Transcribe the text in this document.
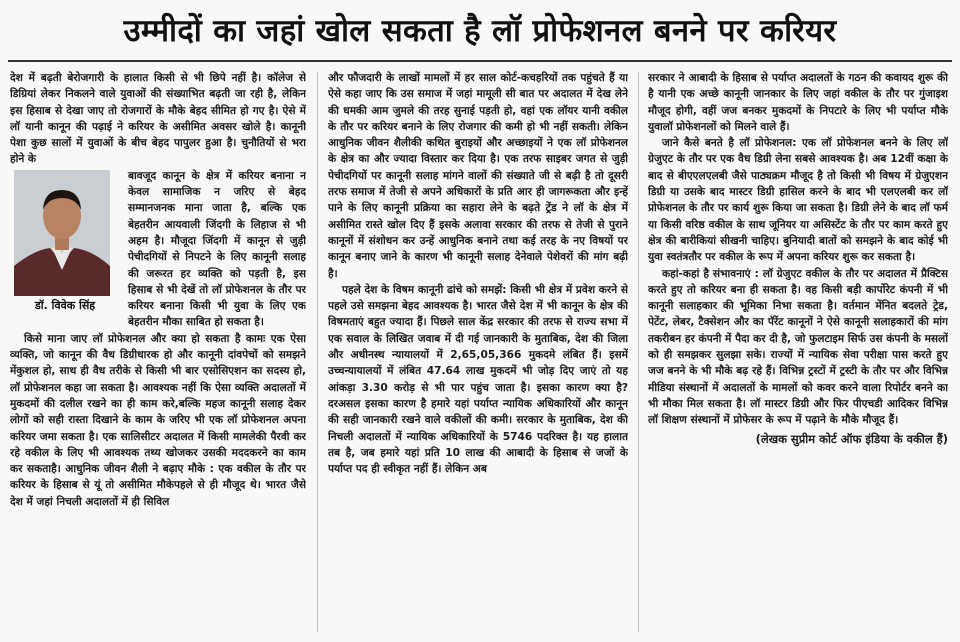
उम्मीदों का जहां खोल सकता है लॉ प्रोफेशनल बनने पर करियर

देश में बढ़ती बेरोजगारी के हालात किसी से भी छिपे नहीं है। कॉलेज से डिग्रियां लेकर निकलने वाले युवाओं की संख्याभित बढ़ती जा रही है, लेकिन इस हिसाब से देखा जाए तो रोजगारों के मौके बेहद सीमित हो गए है। ऐसे में लॉ यानी कानून की पढ़ाई ने करियर के असीमित अवसर खोले है। कानूनी पेशा कुछ सालों में युवाओं के बीच बेहद पापुलर हुआ है। चुनौतियों से भरा होने के

डॉ. विवेक सिंह

बावजूद कानून के क्षेत्र में करियर बनाना न केवल सामाजिक न जरिए से बेहद सम्मानजनक माना जाता है, बल्कि एक बेहतरीन आयवाली जिंदगी के लिहाज से भी अहम है। मौजूदा जिंदगी में कानून से जुड़ी पेचीदगियों से निपटने के लिए कानूनी सलाह की जरूरत हर व्यक्ति को पड़ती है, इस हिसाब से भी देखें तो लॉ प्रोफेशनल के तौर पर करियर बनाना किसी भी युवा के लिए एक बेहतरीन मौका साबित हो सकता है।

किसे माना जाए लॉ प्रोफेशनल और क्या हो सकता है कामः एक ऐसा व्यक्ति, जो कानून की वैध डिग्रीधारक हो और कानूनी दांवपेचों को समझने मेंकुशल हो, साथ ही वैध तरीके से किसी भी बार एसोसिएशन का सदस्य हो, लॉ प्रोफेशनल कहा जा सकता है। आवश्यक नहीं कि ऐसा व्यक्ति अदालतों में मुकदमों की दलील रखने का ही काम करे,बल्कि महज कानूनी सलाह देकर लोगों को सही रास्ता दिखाने के काम के जरिए भी एक लॉ प्रोफेशनल अपना करियर जमा सकता है। एक सालिसीटर अदालत में किसी मामलेकी पैरवी कर रहे वकील के लिए भी आवश्यक तथ्य खोजकर उसकी मददकरने का काम कर सकताहै। आधुनिक जीवन शैली ने बढ़ाए मौके : एक वकील के तौर पर करियर के हिसाब से यूं तो असीमित मौकेपहले से ही मौजूद थे। भारत जैसे देश में जहां निचली अदालतों में ही सिविल

और फौजदारी के लाखों मामलों में हर साल कोर्ट-कचहरियों तक पहुंचते हैं या ऐसे कहा जाए कि उस समाज में जहां मामूली सी बात पर अदालत में देख लेने की धमकी आम जुमले की तरह सुनाई पड़ती हो, वहां एक लॉयर यानी वकील के तौर पर करियर बनाने के लिए रोजगार की कमी हो भी नहीं सकती। लेकिन आधुनिक जीवन शैलीकी कथित बुराइयों और अच्छाइयों ने एक लॉ प्रोफेशनल के क्षेत्र का और ज्यादा विस्तार कर दिया है। एक तरफ साइबर जगत से जुड़ी पेचीदगियों पर कानूनी सलाह मांगने वालों की संख्याते जी से बढ़ी है तो दूसरी तरफ समाज में तेजी से अपने अधिकारों के प्रति आर ही जागरूकता और इन्हें पाने के लिए कानूनी प्रक्रिया का सहारा लेने के बढ़ते ट्रेंड ने लॉ के क्षेत्र में असीमित रास्ते खोल दिए हैं इसके अलावा सरकार की तरफ से तेजी से पुराने कानूनों में संशोधन कर उन्हें आधुनिक बनाने तथा कई तरह के नए विषयों पर कानून बनाए जाने के कारण भी कानूनी सलाह देनेवाले पेशेवरों की मांग बढ़ी है।

पहले देश के विषम कानूनी ढांचे को समझें: किसी भी क्षेत्र में प्रवेश करने से पहले उसे समझना बेहद आवश्यक है। भारत जैसे देश में भी कानून के क्षेत्र की विषमताएं बहुत ज्यादा हैं। पिछले साल केंद्र सरकार की तरफ से राज्य सभा में एक सवाल के लिखित जवाब में दी गई जानकारी के मुताबिक, देश की जिला और अधीनस्थ न्यायालयों में 2,65,05,366 मुकदमे लंबित हैं। इसमें उच्चन्यायालयों में लंबित 47.64 लाख मुकदमें भी जोड़ दिए जाएं तो यह आंकड़ा 3.30 करोड़ से भी पार पहुंच जाता है। इसका कारण क्या है? दरअसल इसका कारण है हमारे यहां पर्याप्त न्यायिक अधिकारियों और कानून की सही जानकारी रखने वाले वकीलों की कमी। सरकार के मुताबिक, देश की निचली अदालतों में न्यायिक अधिकारियों के 5746 पदरिक्त है। यह हालात तब है, जब हमारे यहां प्रति 10 लाख की आबादी के हिसाब से जजों के पर्याप्त पद ही स्वीकृत नहीं हैं। लेकिन अब

सरकार ने आबादी के हिसाब से पर्याप्त अदालतों के गठन की कवायद शुरू की है यानी एक अच्छे कानूनी जानकार के लिए जहां वकील के तौर पर गुंजाइश मौजूद होगी, वहीं जज बनकर मुकदमों के निपटारे के लिए भी पर्याप्त मौके युवालॉ प्रोफेशनलों को मिलने वाले हैं।

जाने कैसे बनते है लॉ प्रोफेशनल: एक लॉ प्रोफेशनल बनने के लिए लॉ ग्रेजुएट के तौर पर एक वैध डिग्री लेना सबसे आवश्यक है। अब 12वीं कक्षा के बाद से बीएएलएलबी जैसे पाठ्यक्रम मौजूद है तो किसी भी विषय में ग्रेजुएशन डिग्री या उसके बाद मास्टर डिग्री हासिल करने के बाद भी एलएलबी कर लॉ प्रोफेशनल के तौर पर कार्य शुरू किया जा सकता है। डिग्री लेने के बाद लॉ फर्म या किसी वरिष्ठ वकील के साथ जूनियर या असिस्टेंट के तौर पर काम करते हुए क्षेत्र की बारीकियां सीखनी चाहिए। बुनियादी बातों को समझने के बाद कोई भी युवा स्वतंत्रतौर पर वकील के रूप में अपना करियर शुरू कर सकता है।

कहां-कहां है संभावनाएं : लॉ ग्रेजुएट वकील के तौर पर अदालत में प्रैक्टिस करते हुए तो करियर बना ही सकता है। वह किसी बड़ी कार्पोरेट कंपनी में भी कानूनी सलाहकार की भूमिका निभा सकता है। वर्तमान मेंनित बदलते ट्रेड, पेटेंट, लेबर, टैक्सेशन और का पॅरेंट कानूनों ने ऐसे कानूनी सलाहकारों की मांग तकरीबन हर कंपनी में पैदा कर दी है, जो फुलटाइम सिर्फ उस कंपनी के मसलों को ही समझकर सुलझा सके। राज्यों में न्यायिक सेवा परीक्षा पास करते हुए जज बनने के भी मौके बढ़ रहे हैं। विभिन्न ट्रस्टों में ट्रस्टी के तौर पर और विभिन्न मीडिया संस्थानों में अदालतों के मामलों को कवर करने वाला रिपोर्टर बनने का भी मौका मिल सकता है। लॉ मास्टर डिग्री और फिर पीएचडी आदिकर विभिन्न लॉ शिक्षण संस्थानों में प्रोफेसर के रूप में पढ़ाने के मौके मौजूद हैं।

(लेखक सुप्रीम कोर्ट ऑफ इंडिया के वकील हैं)
